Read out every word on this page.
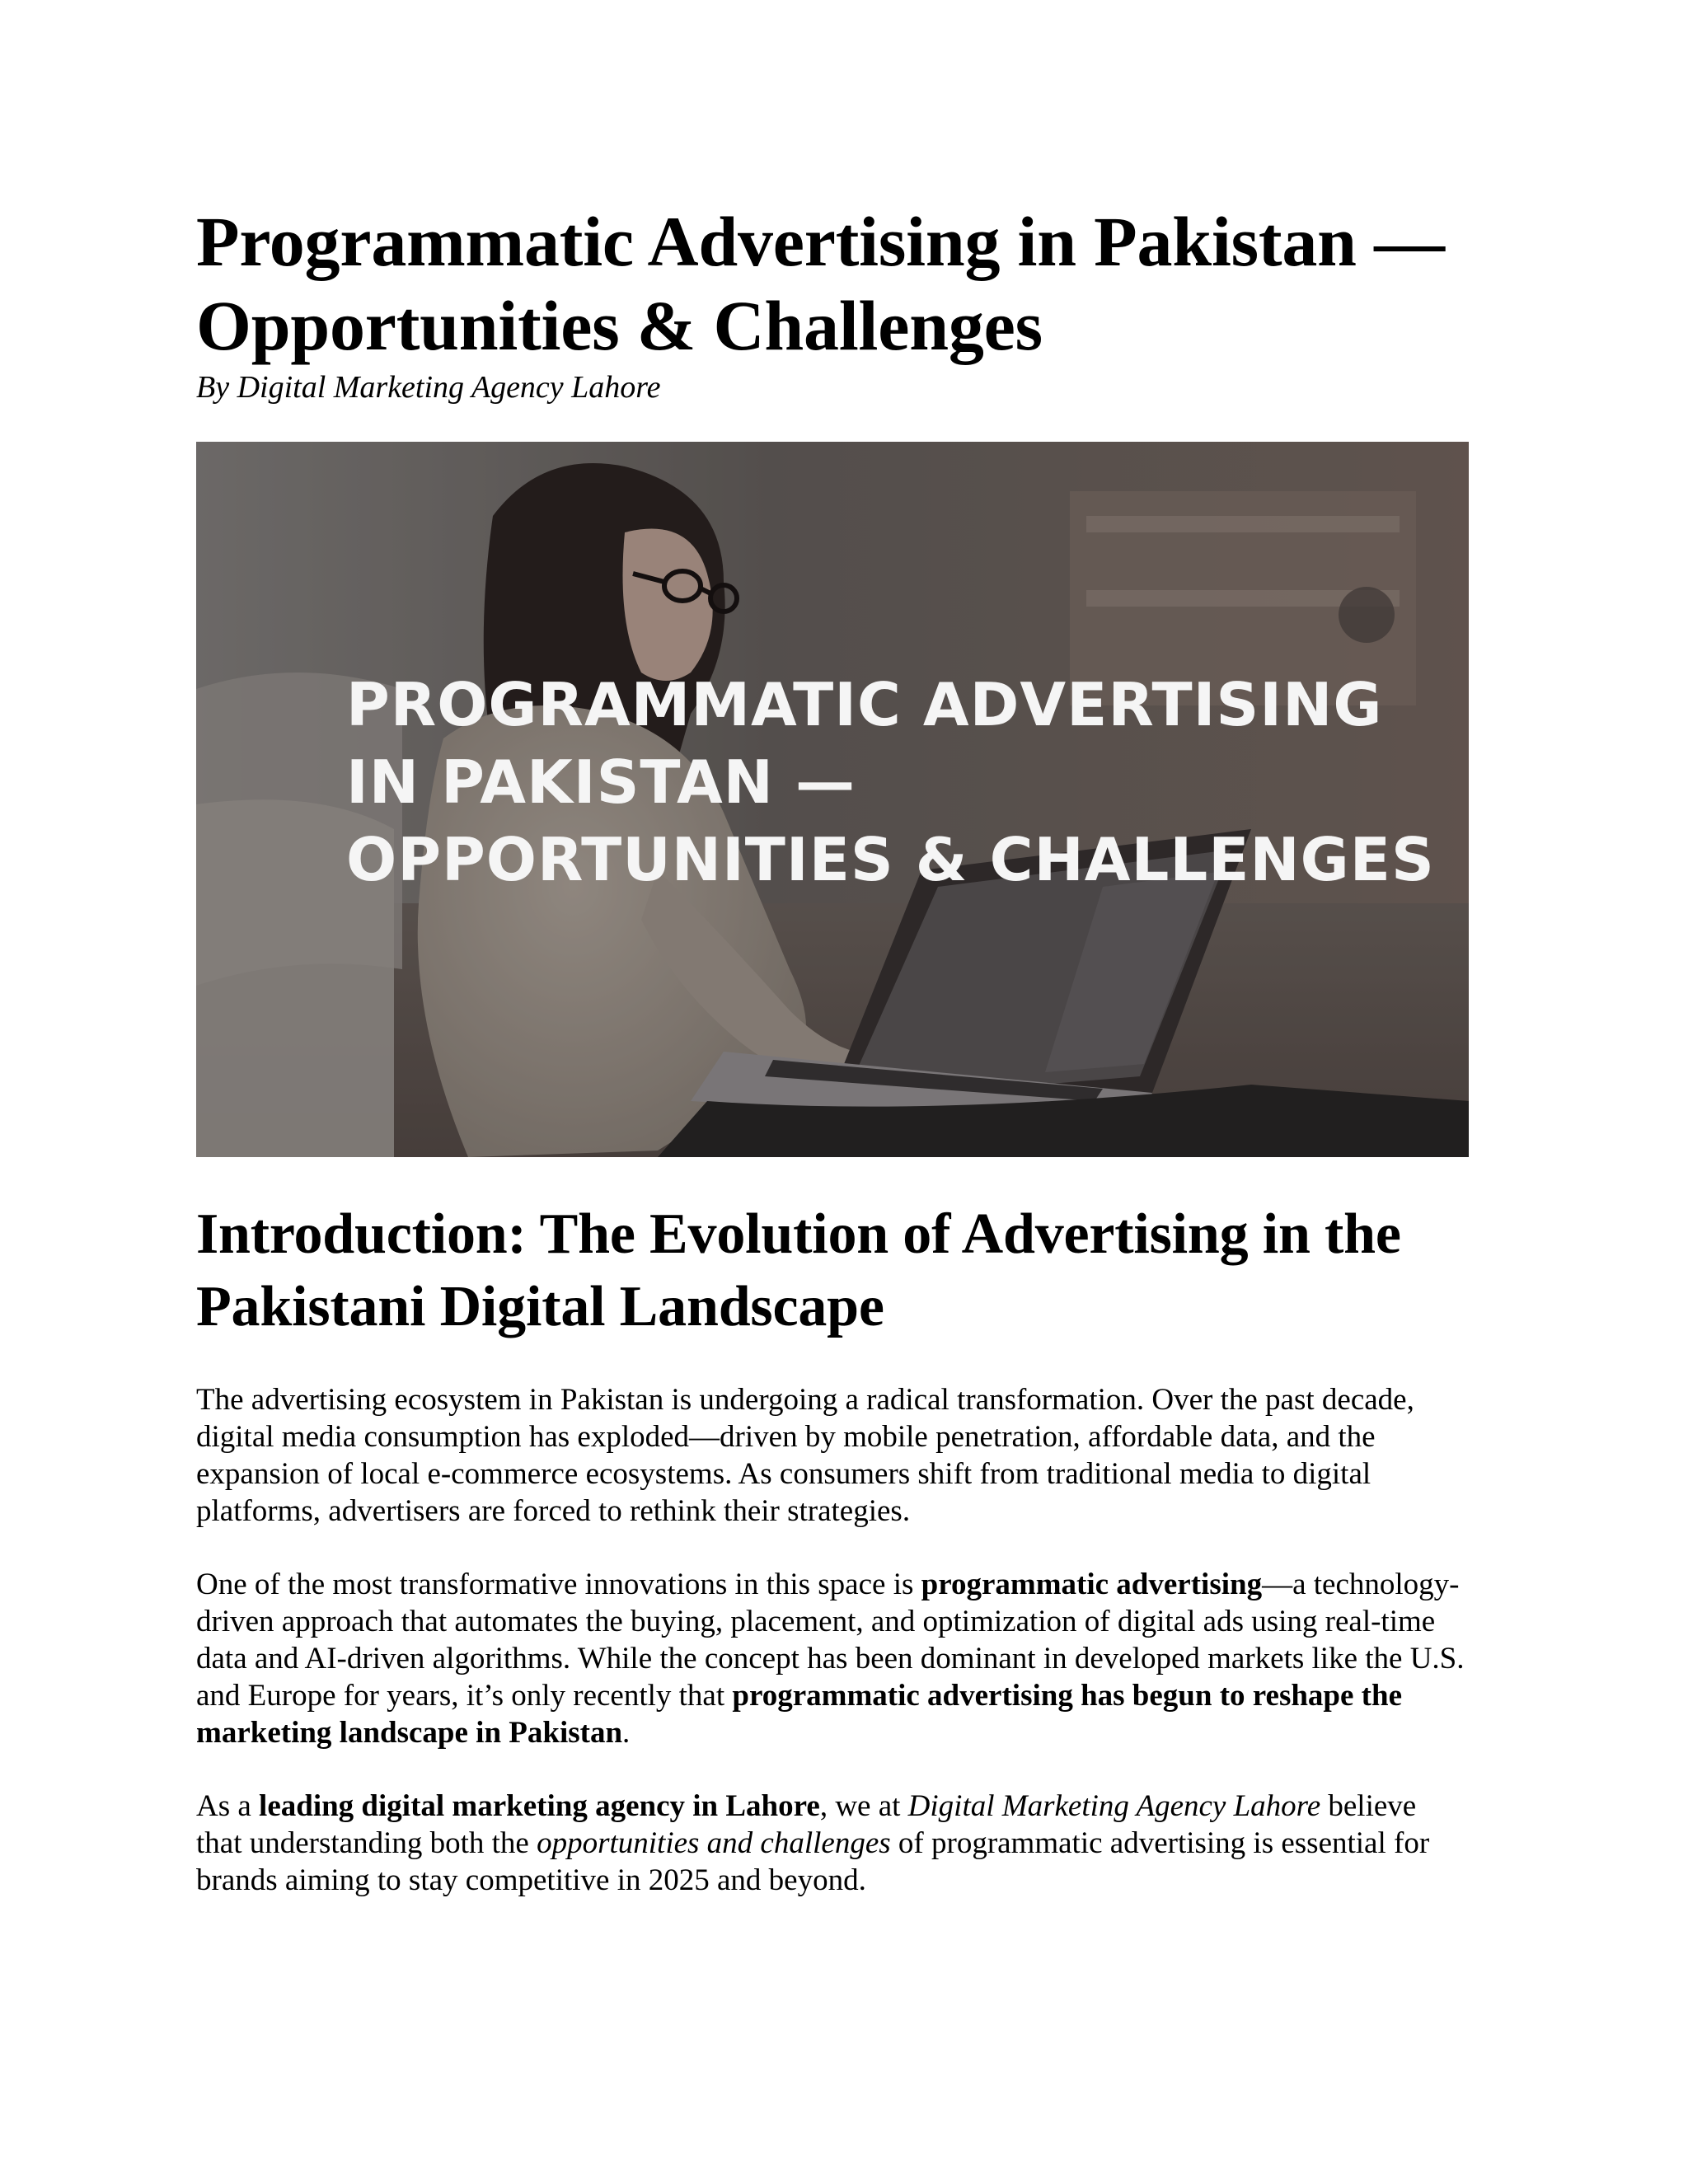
Programmatic Advertising in Pakistan —
Opportunities & Challenges
By Digital Marketing Agency Lahore
PROGRAMMATIC ADVERTISING
IN PAKISTAN —
OPPORTUNITIES & CHALLENGES
Introduction: The Evolution of Advertising in the
Pakistani Digital Landscape

The advertising ecosystem in Pakistan is undergoing a radical transformation. Over the past decade, digital media consumption has exploded—driven by mobile penetration, affordable data, and the expansion of local e-commerce ecosystems. As consumers shift from traditional media to digital platforms, advertisers are forced to rethink their strategies.

One of the most transformative innovations in this space is programmatic advertising—a technology-driven approach that automates the buying, placement, and optimization of digital ads using real-time data and AI-driven algorithms. While the concept has been dominant in developed markets like the U.S. and Europe for years, it’s only recently that programmatic advertising has begun to reshape the marketing landscape in Pakistan.

As a leading digital marketing agency in Lahore, we at Digital Marketing Agency Lahore believe that understanding both the opportunities and challenges of programmatic advertising is essential for brands aiming to stay competitive in 2025 and beyond.
